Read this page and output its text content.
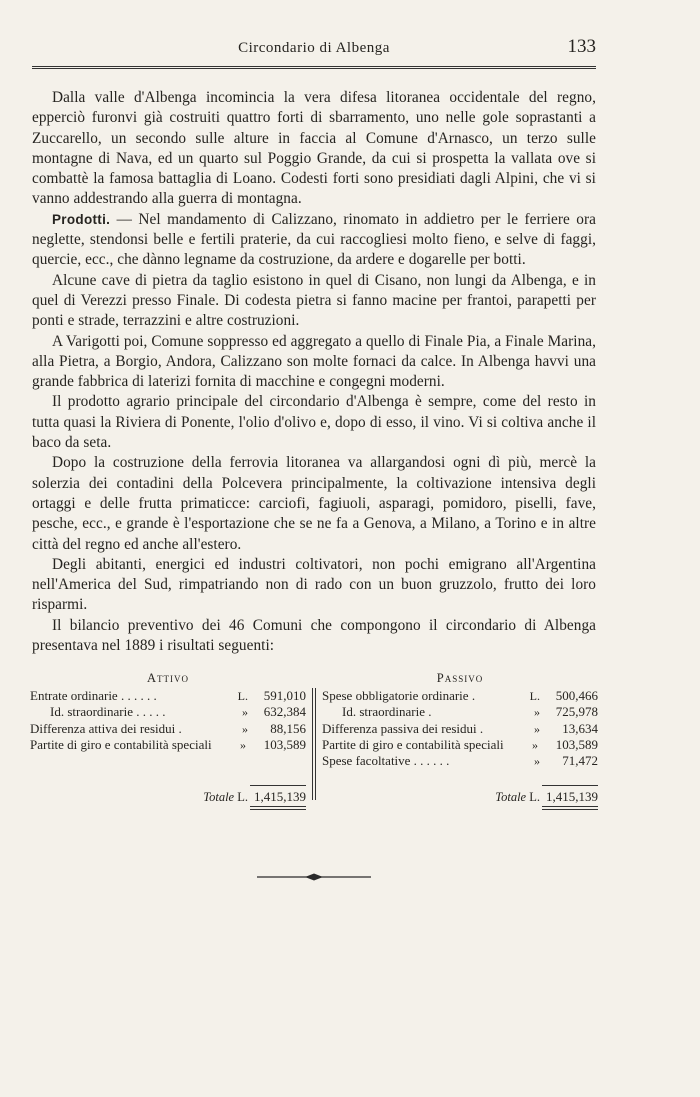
Circondario di Albenga	133

Dalla valle d'Albenga incomincia la vera difesa litoranea occidentale del regno, epperciò furonvi già costruiti quattro forti di sbarramento, uno nelle gole soprastanti a Zuccarello, un secondo sulle alture in faccia al Comune d'Arnasco, un terzo sulle montagne di Nava, ed un quarto sul Poggio Grande, da cui si prospetta la vallata ove si combattè la famosa battaglia di Loano. Codesti forti sono presidiati dagli Alpini, che vi si vanno addestrando alla guerra di montagna.

Prodotti. — Nel mandamento di Calizzano, rinomato in addietro per le ferriere ora neglette, stendonsi belle e fertili praterie, da cui raccogliesi molto fieno, e selve di faggi, quercie, ecc., che dànno legname da costruzione, da ardere e dogarelle per botti.

Alcune cave di pietra da taglio esistono in quel di Cisano, non lungi da Albenga, e in quel di Verezzi presso Finale. Di codesta pietra si fanno macine per frantoi, parapetti per ponti e strade, terrazzini e altre costruzioni.

A Varigotti poi, Comune soppresso ed aggregato a quello di Finale Pia, a Finale Marina, alla Pietra, a Borgio, Andora, Calizzano son molte fornaci da calce. In Albenga havvi una grande fabbrica di laterizi fornita di macchine e congegni moderni.

Il prodotto agrario principale del circondario d'Albenga è sempre, come del resto in tutta quasi la Riviera di Ponente, l'olio d'olivo e, dopo di esso, il vino. Vi si coltiva anche il baco da seta.

Dopo la costruzione della ferrovia litoranea va allargandosi ogni dì più, mercè la solerzia dei contadini della Polcevera principalmente, la coltivazione intensiva degli ortaggi e delle frutta primaticce: carciofi, fagiuoli, asparagi, pomidoro, piselli, fave, pesche, ecc., e grande è l'esportazione che se ne fa a Genova, a Milano, a Torino e in altre città del regno ed anche all'estero.

Degli abitanti, energici ed industri coltivatori, non pochi emigrano all'Argentina nell'America del Sud, rimpatriando non di rado con un buon gruzzolo, frutto dei loro risparmi.

Il bilancio preventivo dei 46 Comuni che compongono il circondario di Albenga presentava nel 1889 i risultati seguenti:

Attivo
Entrate ordinarie . . . . . .	L. 591,010
Id. straordinarie . . . . .	» 632,384
Differenza attiva dei residui .	» 88,156
Partite di giro e contabilità speciali » 103,589
Totale L. 1,415,139
Passivo
Spese obbligatorie ordinarie .	L. 500,466
Id. straordinarie .	» 725,978
Differenza passiva dei residui .	» 13,634
Partite di giro e contabilità speciali » 103,589
Spese facoltative . . . . . .	» 71,472
Totale L. 1,415,139
